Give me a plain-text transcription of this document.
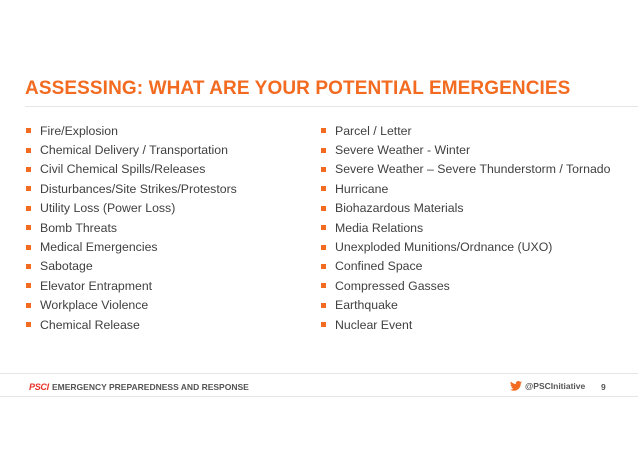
ASSESSING: WHAT ARE YOUR POTENTIAL EMERGENCIES
Fire/Explosion
Chemical Delivery / Transportation
Civil Chemical Spills/Releases
Disturbances/Site Strikes/Protestors
Utility Loss (Power Loss)
Bomb Threats
Medical Emergencies
Sabotage
Elevator Entrapment
Workplace Violence
Chemical Release
Parcel / Letter
Severe Weather - Winter
Severe Weather – Severe Thunderstorm / Tornado
Hurricane
Biohazardous Materials
Media Relations
Unexploded Munitions/Ordnance (UXO)
Confined Space
Compressed Gasses
Earthquake
Nuclear Event
PSCI EMERGENCY PREPAREDNESS AND RESPONSE	@PSCInitiative 9
